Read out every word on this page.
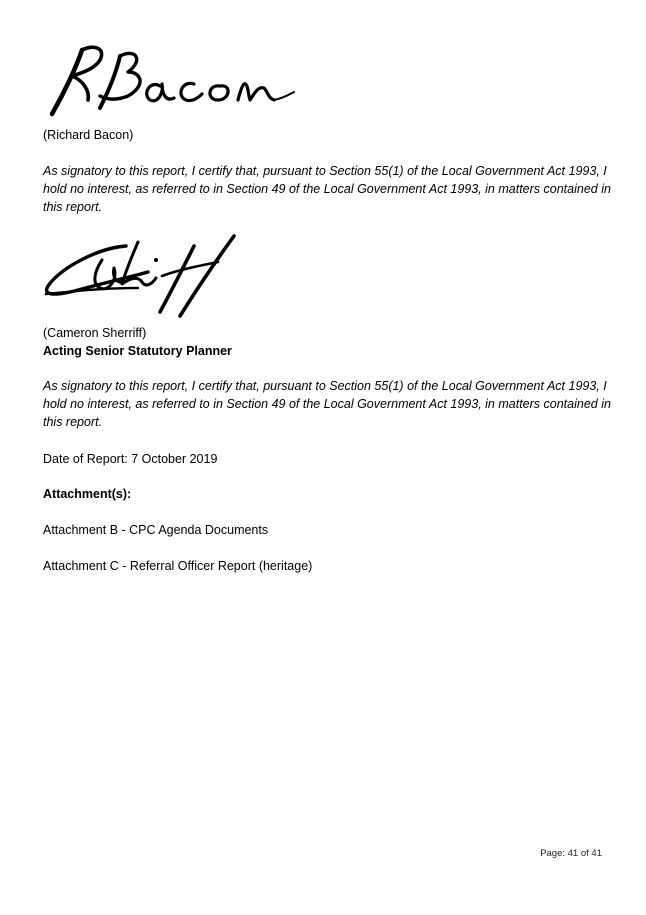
(Richard Bacon)
As signatory to this report, I certify that, pursuant to Section 55(1) of the Local Government Act 1993, I hold no interest, as referred to in Section 49 of the Local Government Act 1993, in matters contained in this report.
(Cameron Sherriff)
Acting Senior Statutory Planner
As signatory to this report, I certify that, pursuant to Section 55(1) of the Local Government Act 1993, I hold no interest, as referred to in Section 49 of the Local Government Act 1993, in matters contained in this report.
Date of Report: 7 October 2019
Attachment(s):
Attachment B - CPC Agenda Documents
Attachment C - Referral Officer Report (heritage)
Page: 41 of 41
